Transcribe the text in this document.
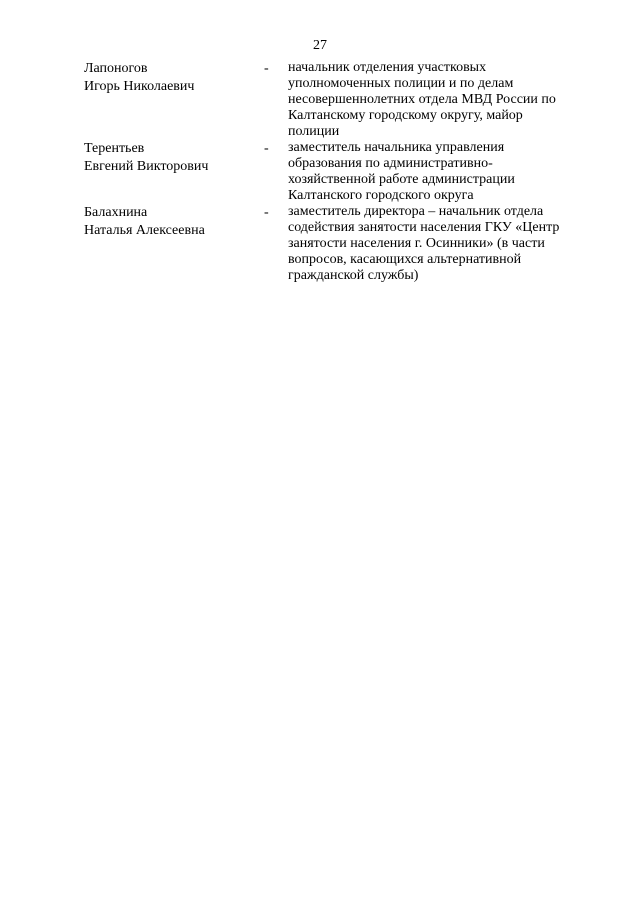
27
Лапоногов
Игорь Николаевич
-	начальник отделения участковых
уполномоченных полиции и по делам
несовершеннолетних отдела МВД России по
Калтанскому городскому округу, майор
полиции
Терентьев
Евгений Викторович
-	заместитель начальника управления
образования по административно-
хозяйственной работе администрации
Калтанского городского округа
Балахнина
Наталья Алексеевна
-	заместитель директора – начальник отдела
содействия занятости населения ГКУ «Центр
занятости населения г. Осинники» (в части
вопросов, касающихся альтернативной
гражданской службы)
